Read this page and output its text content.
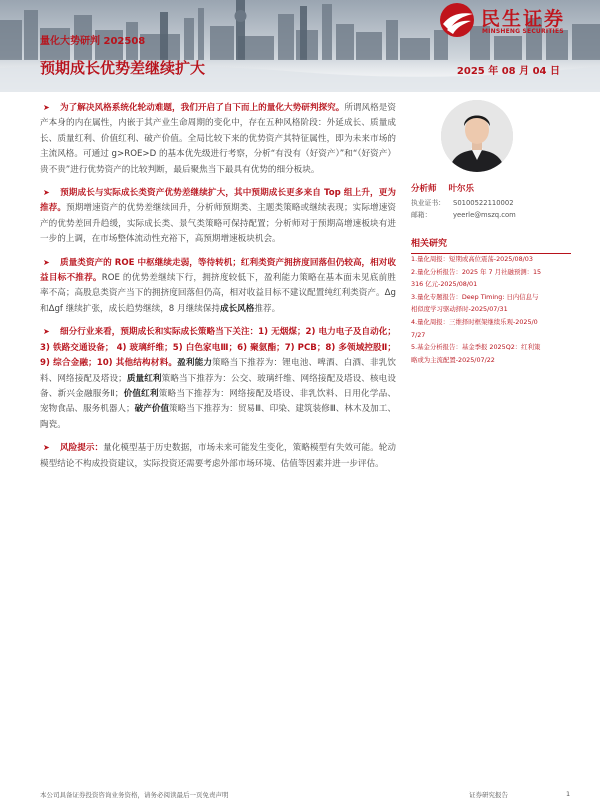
民生证券
MINSHENG SECURITIES
量化大势研判 202508
预期成长优势差继续扩大	2025 年 08 月 04 日

➤ 为了解决风格系统化轮动难题，我们开启了自下而上的量化大势研判探究。所谓风格是资产本身的内在属性，内嵌于其产业生命周期的变化中，存在五种风格阶段：外延成长、质量成长、质量红利、价值红利、破产价值。全局比较下来的优势资产其特征属性，即为未来市场的主流风格。可通过 g>ROE>D 的基本优先级进行考察，分析“有没有（好资产）”和“（好资产）贵不贵”进行优势资产的比较判断，最后聚焦当下最具有优势的细分板块。

➤ 预期成长与实际成长类资产优势差继续扩大，其中预期成长更多来自 Top 组上升，更为推荐。预期增速资产的优势差继续回升，分析师预期类、主题类策略或继续表现；实际增速资产的优势差回升趋缓，实际成长类、景气类策略可保持配置；分析师对于预期高增速板块有进一步的上调，在市场整体流动性充裕下，高预期增速板块机会。

➤ 质量类资产的 ROE 中枢继续走弱，等待转机；红利类资产拥挤度回落但仍较高，相对收益目标不推荐。ROE 的优势差继续下行，拥挤度较低下，盈利能力策略在基本面未见底前胜率不高；高股息类资产当下的拥挤度回落但仍高，相对收益目标不建议配置纯红利类资产。Δg 和Δgf 继续扩张，成长趋势继续，8 月继续保持成长风格推荐。

➤ 细分行业来看，预期成长和实际成长策略当下关注：1) 无烟煤；2) 电力电子及自动化；3) 铁路交通设备； 4) 玻璃纤维；5) 白色家电Ⅲ；6) 聚氨酯；7) PCB；8) 多领域控股Ⅱ； 9) 综合金融；10) 其他结构材料。盈利能力策略当下推荐为：锂电池、啤酒、白酒、非乳饮料、网络接配及塔设；质量红利策略当下推荐为：公交、玻璃纤维、网络接配及塔设、核电设备、新兴金融服务Ⅱ；价值红利策略当下推荐为：网络接配及塔设、非乳饮料、日用化学品、宠物食品、服务机器人；破产价值策略当下推荐为：贸易Ⅲ、印染、建筑装修Ⅲ、林木及加工、陶瓷。

➤ 风险提示：量化模型基于历史数据，市场未来可能发生变化，策略模型有失效可能。轮动模型结论不构成投资建议，实际投资还需要考虑外部市场环境、估值等因素并进一步评估。

分析师 叶尔乐
执业证书： S0100522110002
邮箱：	yeerle@mszq.com
相关研究
1.量化周报：短期或高位震荡-2025/08/03
2.量化分析报告：2025 年 7 月社融预测：15
316 亿元-2025/08/01
3.量化专题报告：Deep Timing: 日内信息与
相似度学习驱动择时-2025/07/31
4.量化周报：三维择时框架继续乐观-2025/0
7/27
5.基金分析报告：基金季报 2025Q2：红利策
略或为主流配置-2025/07/22
本公司具备证券投资咨询业务资格，请务必阅读最后一页免责声明	证券研究报告	1
